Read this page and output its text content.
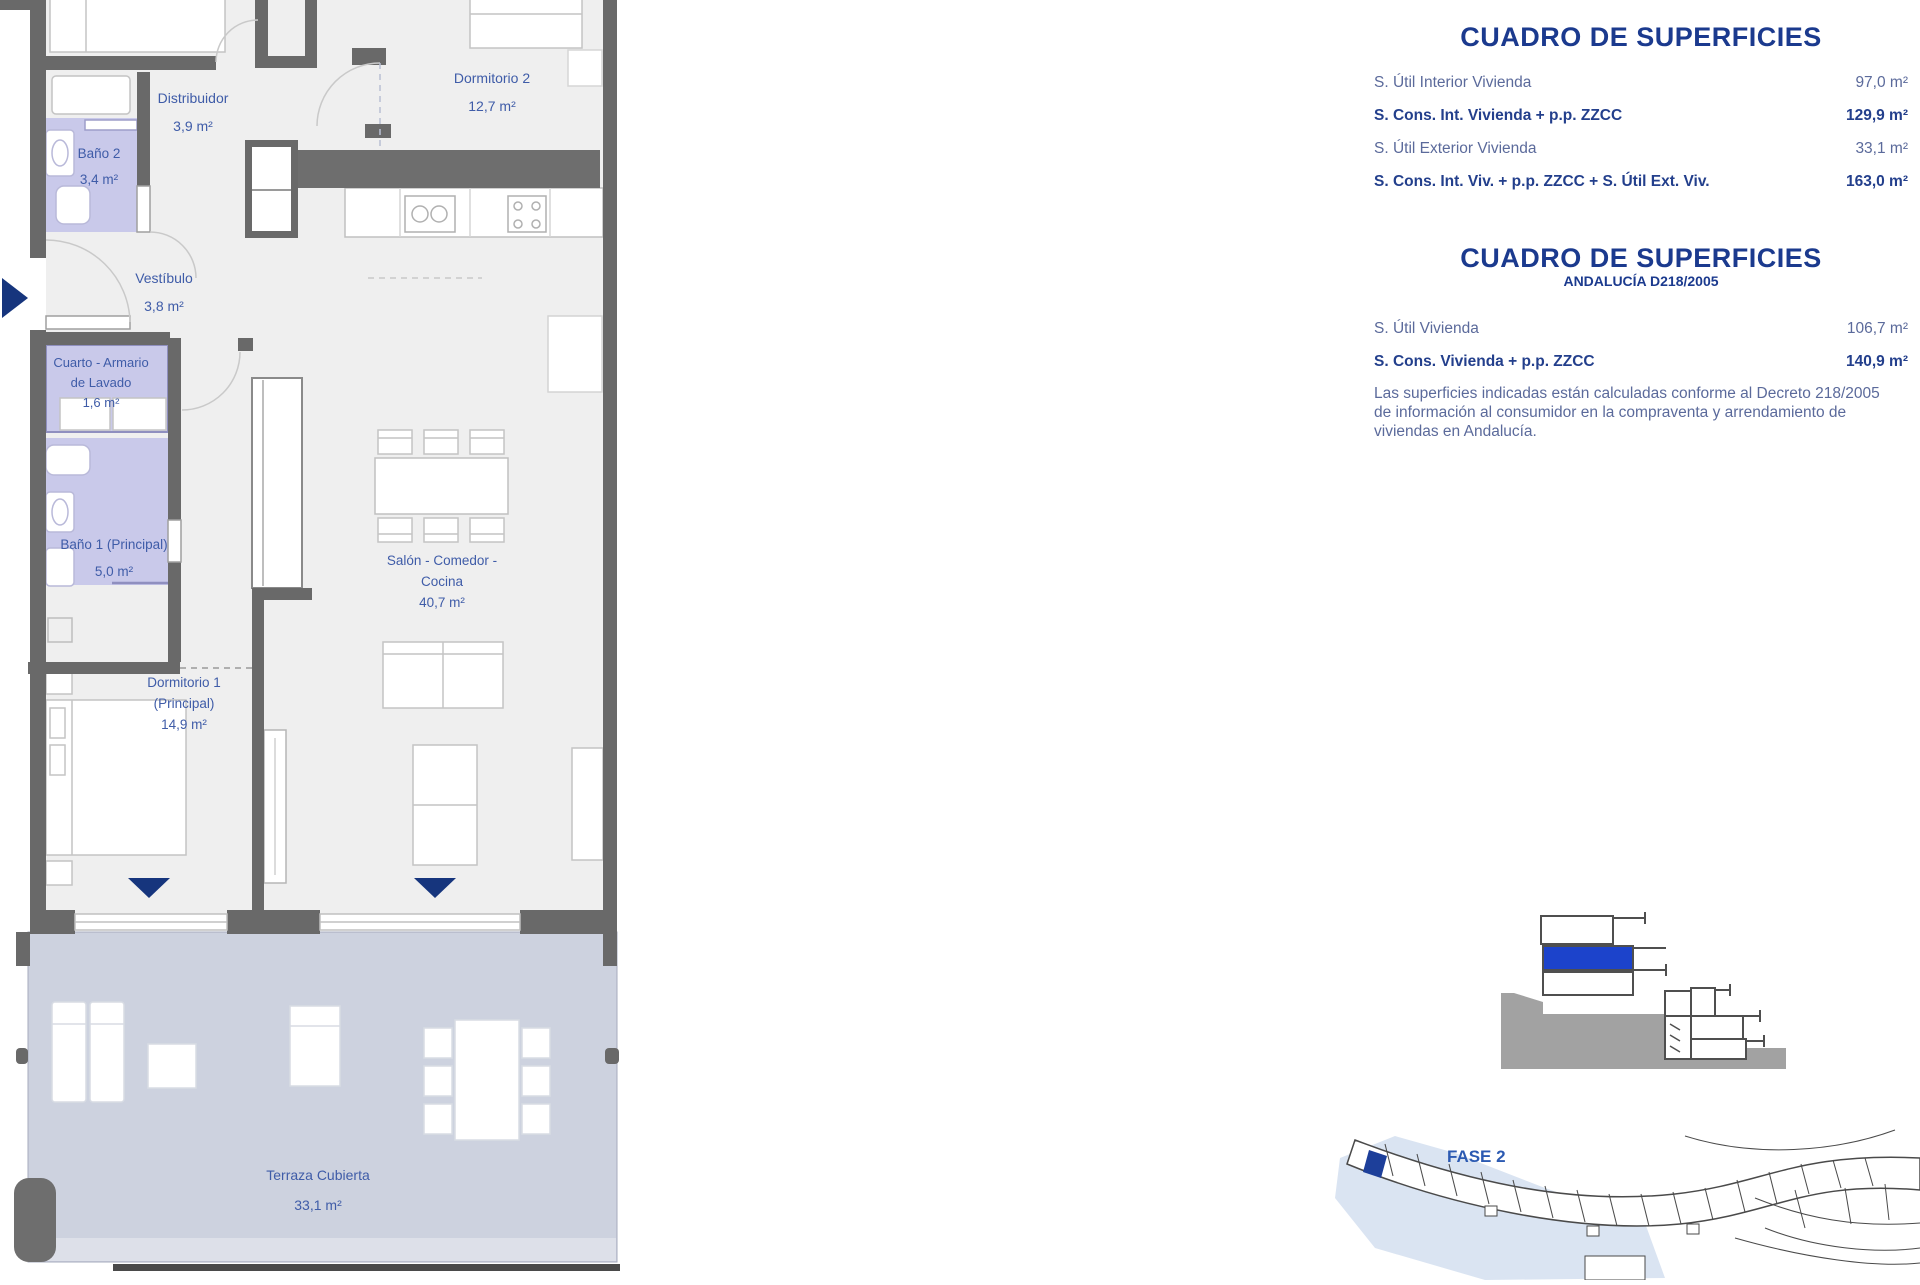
Distribuidor
3,9 m²
Dormitorio 2
12,7 m²
Baño 2
3,4 m²
Vestíbulo
3,8 m²
Cuarto - Armario
de Lavado
1,6 m²
Baño 1 (Principal)
5,0 m²
Salón - Comedor -
Cocina
40,7 m²
Dormitorio 1
(Principal)
14,9 m²
Terraza Cubierta
33,1 m²
CUADRO DE SUPERFICIES
S. Útil Interior Vivienda	97,0 m²
S. Cons. Int. Vivienda + p.p. ZZCC	129,9 m²
S. Útil Exterior Vivienda	33,1 m²
S. Cons. Int. Viv. + p.p. ZZCC + S. Útil Ext. Viv.	163,0 m²
CUADRO DE SUPERFICIES
ANDALUCÍA D218/2005
S. Útil Vivienda	106,7 m²
S. Cons. Vivienda + p.p. ZZCC	140,9 m²
Las superficies indicadas están calculadas conforme al Decreto 218/2005 de información al consumidor en la compraventa y arrendamiento de viviendas en Andalucía.
FASE 2
